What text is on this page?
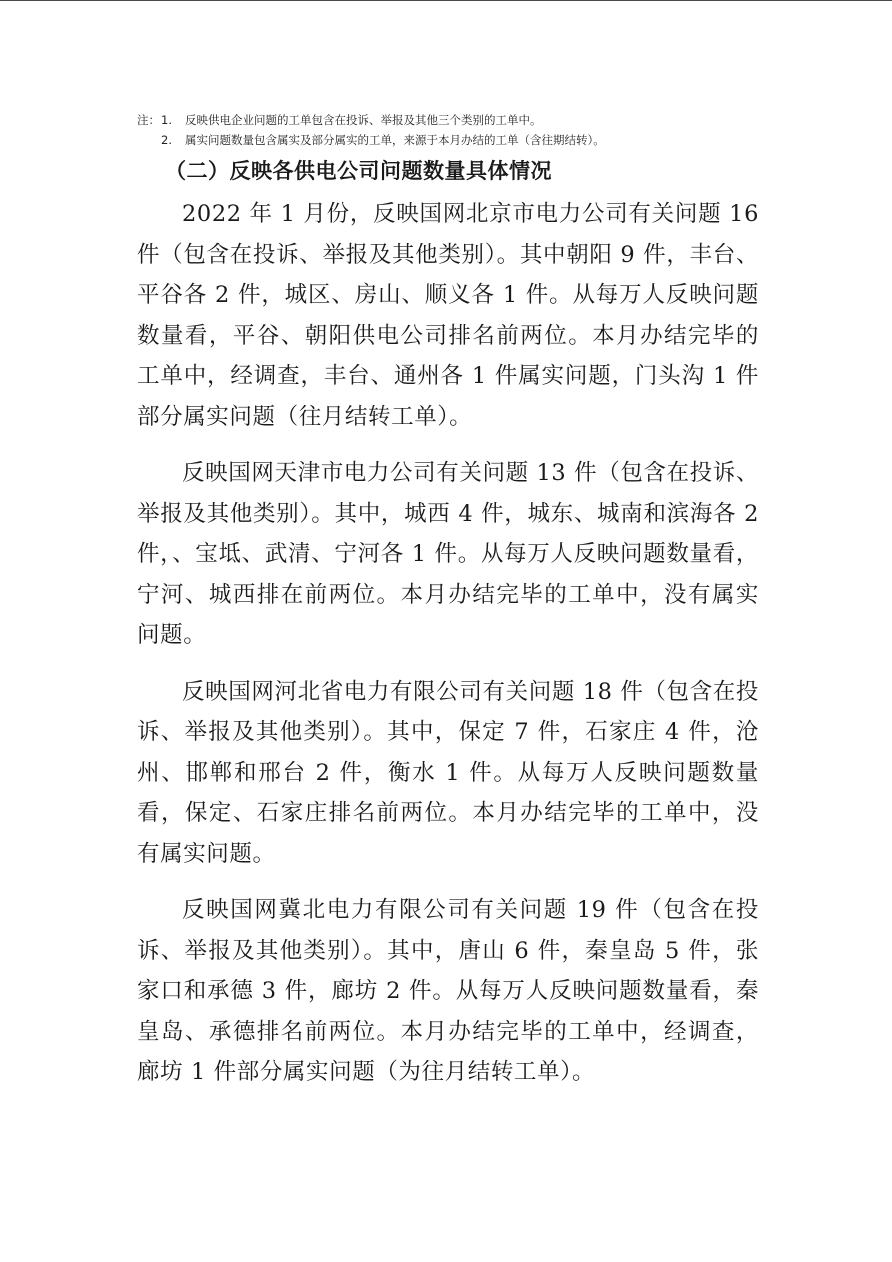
注： 1.	反映供电企业问题的工单包含在投诉、举报及其他三个类别的工单中。
2.	属实问题数量包含属实及部分属实的工单，来源于本月办结的工单（含往期结转）。
（二）反映各供电公司问题数量具体情况

2022 年 1 月份，反映国网北京市电力公司有关问题 16 件（包含在投诉、举报及其他类别）。其中朝阳 9 件，丰台、平谷各 2 件，城区、房山、顺义各 1 件。从每万人反映问题数量看，平谷、朝阳供电公司排名前两位。本月办结完毕的工单中，经调查，丰台、通州各 1 件属实问题，门头沟 1 件部分属实问题（往月结转工单）。

反映国网天津市电力公司有关问题 13 件（包含在投诉、举报及其他类别）。其中，城西 4 件，城东、城南和滨海各 2 件，、宝坻、武清、宁河各 1 件。从每万人反映问题数量看，宁河、城西排在前两位。本月办结完毕的工单中，没有属实问题。

反映国网河北省电力有限公司有关问题 18 件（包含在投诉、举报及其他类别）。其中，保定 7 件，石家庄 4 件，沧州、邯郸和邢台 2 件，衡水 1 件。从每万人反映问题数量看，保定、石家庄排名前两位。本月办结完毕的工单中，没有属实问题。

反映国网冀北电力有限公司有关问题 19 件（包含在投诉、举报及其他类别）。其中，唐山 6 件，秦皇岛 5 件，张家口和承德 3 件，廊坊 2 件。从每万人反映问题数量看，秦皇岛、承德排名前两位。本月办结完毕的工单中，经调查，廊坊 1 件部分属实问题（为往月结转工单）。
